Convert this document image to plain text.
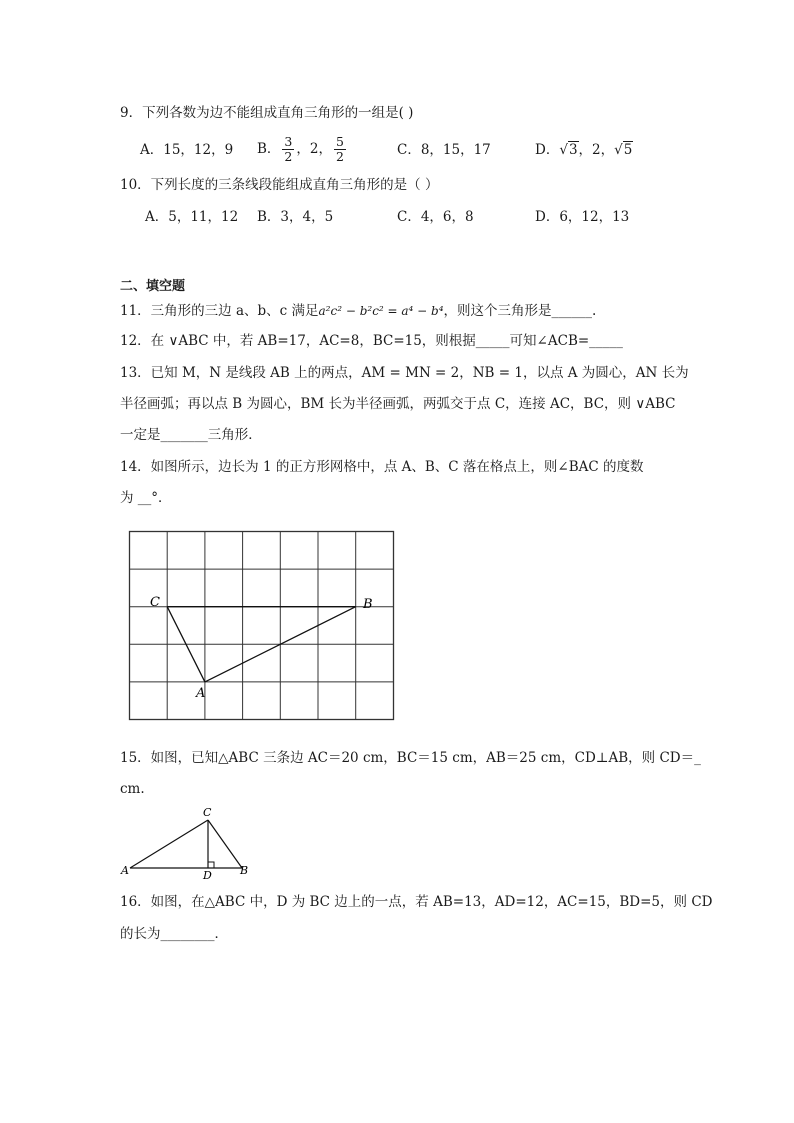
9．下列各数为边不能组成直角三角形的一组是( )
A．15，12，9 B． $\frac{3}{2}$ ，2， $\frac{5}{2}$	C．8，15，17	D．√3，2，√5
10．下列长度的三条线段能组成直角三角形的是（ ）
A．5，11，12 B．3，4，5	C．4，6，8	D．6，12，13
二、填空题
11．三角形的三边 a、b、c 满足a²c² − b²c² = a⁴ − b⁴，则这个三角形是______.
12．在 ∨ABC 中，若 AB=17，AC=8，BC=15，则根据_____可知∠ACB=_____
13．已知 M，N 是线段 AB 上的两点，AM = MN = 2，NB = 1，以点 A 为圆心，AN 长为
半径画弧；再以点 B 为圆心，BM 长为半径画弧，两弧交于点 C，连接 AC，BC，则 ∨ABC
一定是_______三角形．
14．如图所示，边长为 1 的正方形网格中，点 A、B、C 落在格点上，则∠BAC 的度数
为 __°．
C	B
A
15．如图，已知△ABC 三条边 AC＝20 cm，BC＝15 cm，AB＝25 cm，CD⊥AB，则 CD＝_
cm.
A	B
C
D
16．如图，在△ABC 中，D 为 BC 边上的一点，若 AB=13，AD=12，AC=15，BD=5，则 CD
的长为________．
